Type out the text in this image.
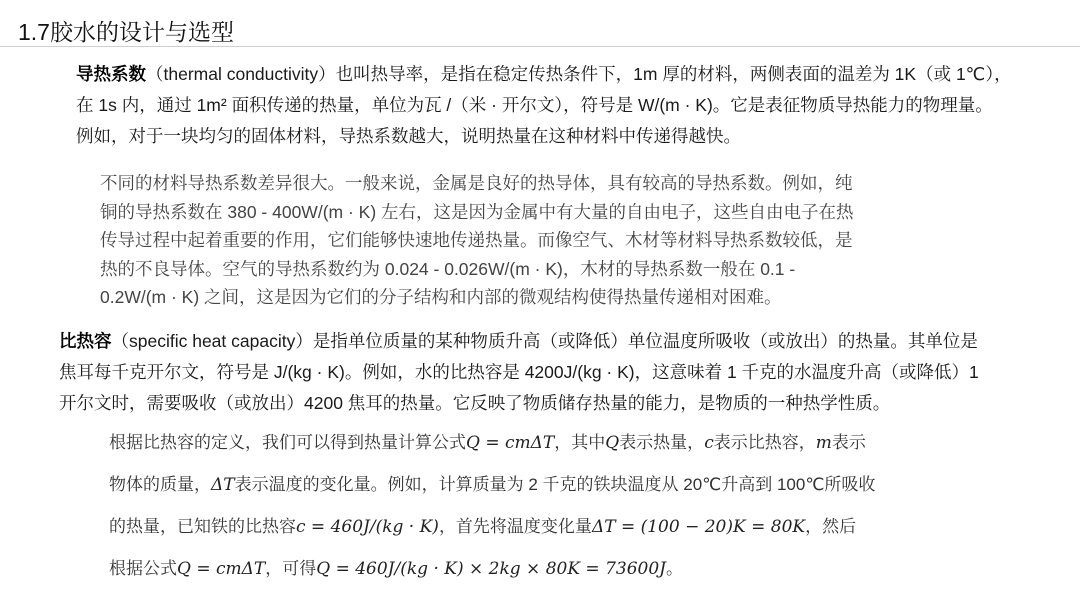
1.7胶水的设计与选型
导热系数（thermal conductivity）也叫热导率，是指在稳定传热条件下，1m 厚的材料，两侧表面的温差为 1K（或 1℃），
在 1s 内，通过 1m² 面积传递的热量，单位为瓦 /（米 · 开尔文），符号是 W/(m · K)。它是表征物质导热能力的物理量。
例如，对于一块均匀的固体材料，导热系数越大，说明热量在这种材料中传递得越快。
不同的材料导热系数差异很大。一般来说，金属是良好的热导体，具有较高的导热系数。例如，纯
铜的导热系数在 380 - 400W/(m · K) 左右，这是因为金属中有大量的自由电子，这些自由电子在热
传导过程中起着重要的作用，它们能够快速地传递热量。而像空气、木材等材料导热系数较低，是
热的不良导体。空气的导热系数约为 0.024 - 0.026W/(m · K)，木材的导热系数一般在 0.1 -
0.2W/(m · K) 之间，这是因为它们的分子结构和内部的微观结构使得热量传递相对困难。
比热容（specific heat capacity）是指单位质量的某种物质升高（或降低）单位温度所吸收（或放出）的热量。其单位是
焦耳每千克开尔文，符号是 J/(kg · K)。例如，水的比热容是 4200J/(kg · K)，这意味着 1 千克的水温度升高（或降低）1
开尔文时，需要吸收（或放出）4200 焦耳的热量。它反映了物质储存热量的能力，是物质的一种热学性质。
根据比热容的定义，我们可以得到热量计算公式Q = cmΔT，其中Q表示热量，c表示比热容，m表示
物体的质量，ΔT表示温度的变化量。例如，计算质量为 2 千克的铁块温度从 20℃升高到 100℃所吸收
的热量，已知铁的比热容c = 460J/(kg · K)，首先将温度变化量ΔT = (100 − 20)K = 80K，然后
根据公式Q = cmΔT，可得Q = 460J/(kg · K) × 2kg × 80K = 73600J。
